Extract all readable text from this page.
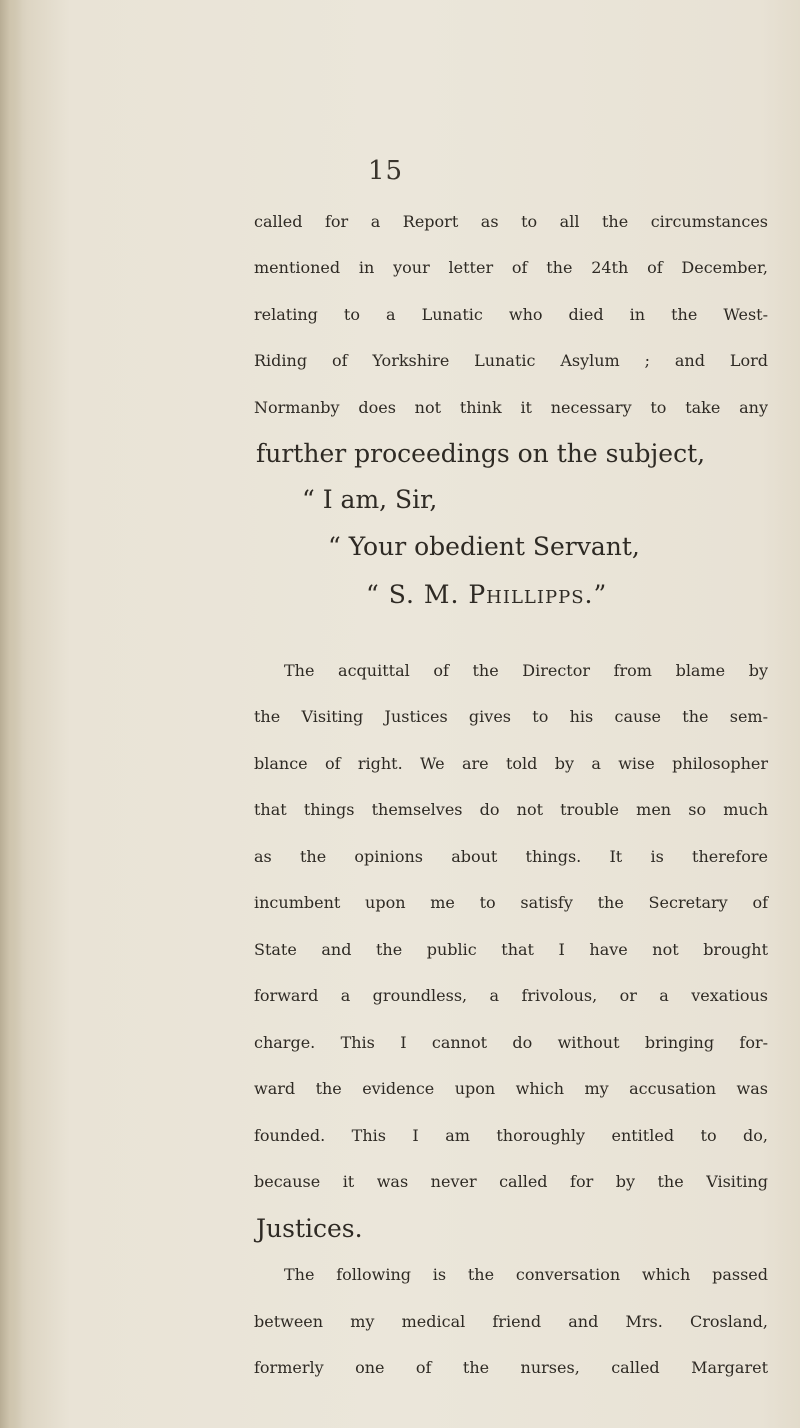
15
called for a Report as to all the circumstances
mentioned in your letter of the 24th of December,
relating to a Lunatic who died in the West-
Riding of Yorkshire Lunatic Asylum ; and Lord
Normanby does not think it necessary to take any
further proceedings on the subject,
“ I am, Sir,
“ Your obedient Servant,
“ S. M. Phillipps.”
The acquittal of the Director from blame by
the Visiting Justices gives to his cause the sem-
blance of right. We are told by a wise philosopher
that things themselves do not trouble men so much
as the opinions about things. It is therefore
incumbent upon me to satisfy the Secretary of
State and the public that I have not brought
forward a groundless, a frivolous, or a vexatious
charge. This I cannot do without bringing for-
ward the evidence upon which my accusation was
founded. This I am thoroughly entitled to do,
because it was never called for by the Visiting
Justices.
The following is the conversation which passed
between my medical friend and Mrs. Crosland,
formerly one of the nurses, called Margaret
